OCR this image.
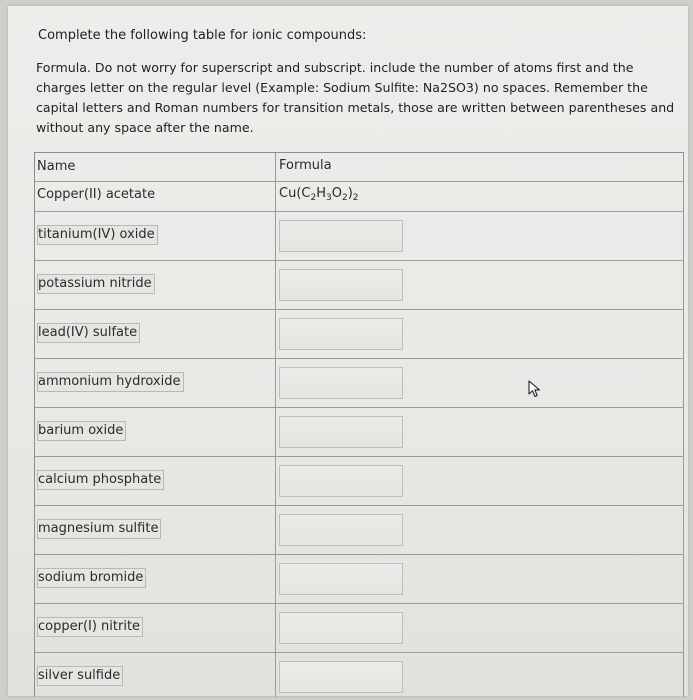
Complete the following table for ionic compounds:
Formula. Do not worry for superscript and subscript. include the number of atoms first and the charges letter on the regular level (Example: Sodium Sulfite: Na2SO3) no spaces. Remember the capital letters and Roman numbers for transition metals, those are written between parentheses and without any space after the name.
Name	Formula
Copper(II) acetate	$Cu(C_2H_3O_2)_2$
titanium(IV) oxide
potassium nitride
lead(IV) sulfate
ammonium hydroxide
barium oxide
calcium phosphate
magnesium sulfite
sodium bromide
copper(I) nitrite
silver sulfide
